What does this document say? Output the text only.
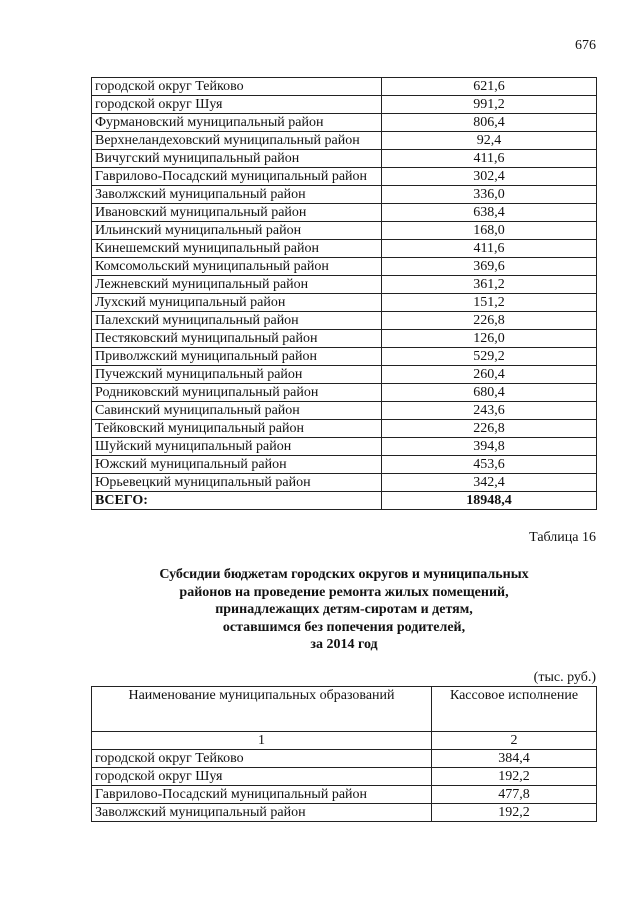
676
городской округ Тейково	621,6
городской округ Шуя	991,2
Фурмановский муниципальный район	806,4
Верхнеландеховский муниципальный район	92,4
Вичугский муниципальный район	411,6
Гаврилово-Посадский муниципальный район	302,4
Заволжский муниципальный район	336,0
Ивановский муниципальный район	638,4
Ильинский муниципальный район	168,0
Кинешемский муниципальный район	411,6
Комсомольский муниципальный район	369,6
Лежневский муниципальный район	361,2
Лухский муниципальный район	151,2
Палехский муниципальный район	226,8
Пестяковский муниципальный район	126,0
Приволжский муниципальный район	529,2
Пучежский муниципальный район	260,4
Родниковский муниципальный район	680,4
Савинский муниципальный район	243,6
Тейковский муниципальный район	226,8
Шуйский муниципальный район	394,8
Южский муниципальный район	453,6
Юрьевецкий муниципальный район	342,4
ВСЕГО:	18948,4
Таблица 16
Субсидии бюджетам городских округов и муниципальных
районов на проведение ремонта жилых помещений,
принадлежащих детям-сиротам и детям,
оставшимся без попечения родителей,
за 2014 год
(тыс. руб.)
Наименование муниципальных образований	Кассовое исполнение
1	2
городской округ Тейково	384,4
городской округ Шуя	192,2
Гаврилово-Посадский муниципальный район	477,8
Заволжский муниципальный район	192,2
